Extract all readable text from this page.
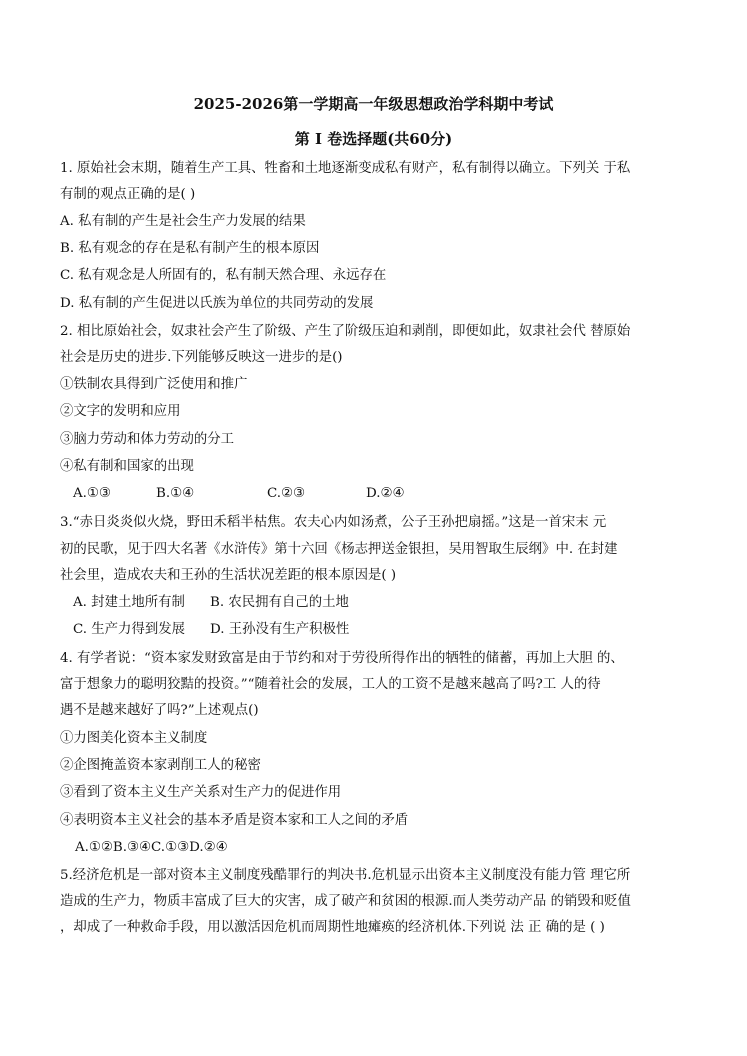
2025-2026第一学期高一年级思想政治学科期中考试
第 I 卷选择题(共60分)
1. 原始社会末期，随着生产工具、牲畜和土地逐渐变成私有财产，私有制得以确立。下列关 于私
有制的观点正确的是( )
A. 私有制的产生是社会生产力发展的结果
B. 私有观念的存在是私有制产生的根本原因
C. 私有观念是人所固有的，私有制天然合理、永远存在
D. 私有制的产生促进以氏族为单位的共同劳动的发展
2. 相比原始社会，奴隶社会产生了阶级、产生了阶级压迫和剥削，即便如此，奴隶社会代 替原始
社会是历史的进步.下列能够反映这一进步的是()
①铁制农具得到广泛使用和推广
②文字的发明和应用
③脑力劳动和体力劳动的分工
④私有制和国家的出现
A.①③	B.①④	C.②③	D.②④
3.“赤日炎炎似火烧，野田禾稻半枯焦。农夫心内如汤煮，公子王孙把扇摇。”这是一首宋末 元
初的民歌，见于四大名著《水浒传》第十六回《杨志押送金银担，吴用智取生辰纲》中. 在封建
社会里，造成农夫和王孙的生活状况差距的根本原因是( )
A. 封建土地所有制 B. 农民拥有自己的土地
C. 生产力得到发展 D. 王孙没有生产积极性
4. 有学者说：“资本家发财致富是由于节约和对于劳役所得作出的牺牲的储蓄，再加上大胆 的、
富于想象力的聪明狡黠的投资。”“随着社会的发展，工人的工资不是越来越高了吗?工 人的待
遇不是越来越好了吗?”上述观点()
①力图美化资本主义制度
②企图掩盖资本家剥削工人的秘密
③看到了资本主义生产关系对生产力的促进作用
④表明资本主义社会的基本矛盾是资本家和工人之间的矛盾
A.①②B.③④C.①③D.②④
5.经济危机是一部对资本主义制度残酷罪行的判决书.危机显示出资本主义制度没有能力管 理它所
造成的生产力，物质丰富成了巨大的灾害，成了破产和贫困的根源.而人类劳动产品 的销毁和贬值
，却成了一种救命手段，用以激活因危机而周期性地瘫痪的经济机体.下列说 法 正 确的是 ( )
